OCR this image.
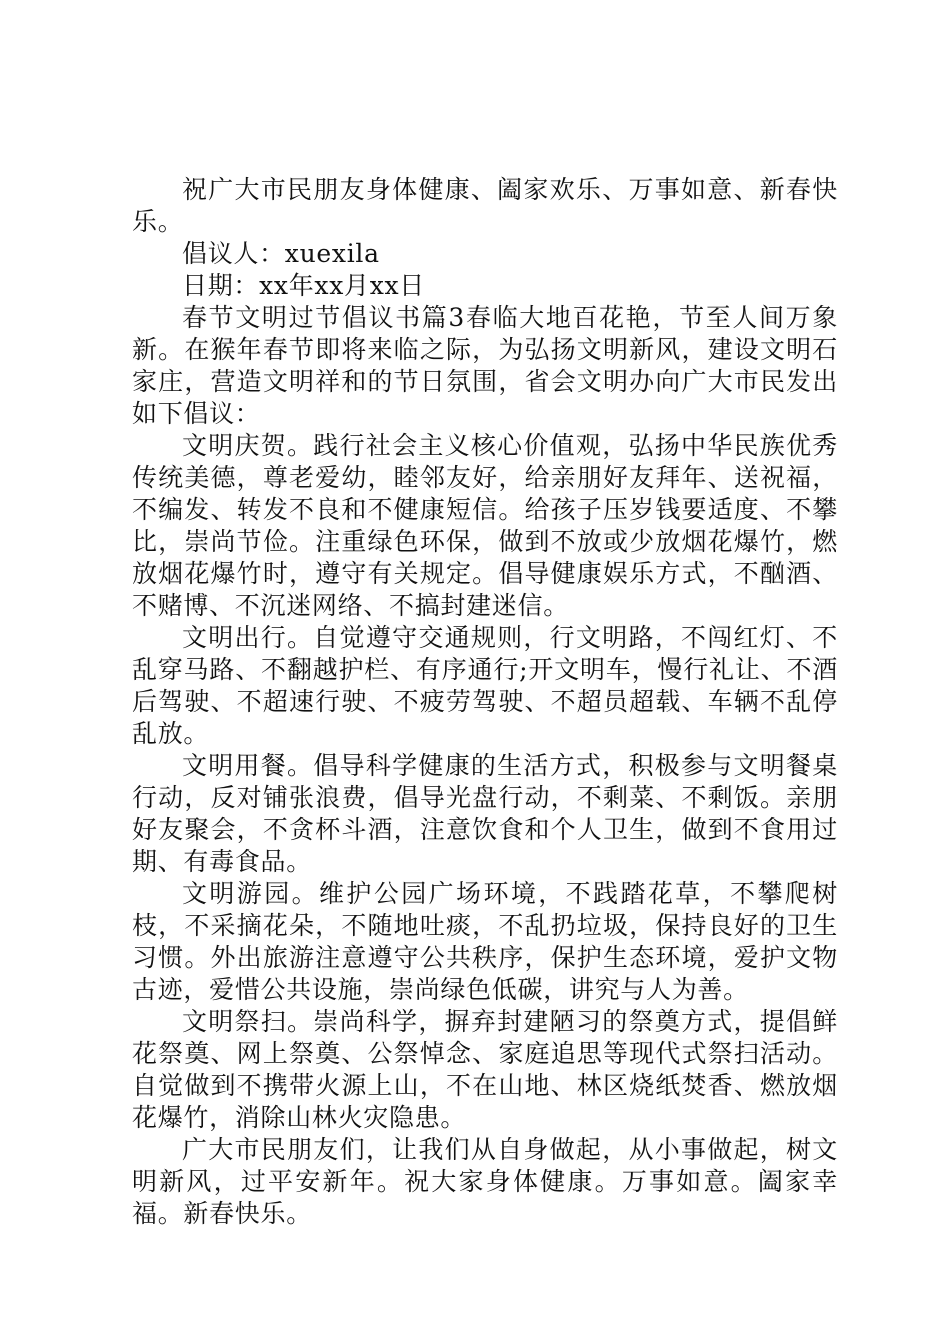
祝广大市民朋友身体健康、阖家欢乐、万事如意、新春快乐。

倡议人：xuexila

日期：xx年xx月xx日

春节文明过节倡议书篇3春临大地百花艳，节至人间万象新。在猴年春节即将来临之际，为弘扬文明新风，建设文明石家庄，营造文明祥和的节日氛围，省会文明办向广大市民发出如下倡议：

文明庆贺。践行社会主义核心价值观，弘扬中华民族优秀传统美德，尊老爱幼，睦邻友好，给亲朋好友拜年、送祝福，不编发、转发不良和不健康短信。给孩子压岁钱要适度、不攀比，崇尚节俭。注重绿色环保，做到不放或少放烟花爆竹，燃放烟花爆竹时，遵守有关规定。倡导健康娱乐方式，不酗酒、不赌博、不沉迷网络、不搞封建迷信。

文明出行。自觉遵守交通规则，行文明路，不闯红灯、不乱穿马路、不翻越护栏、有序通行;开文明车，慢行礼让、不酒后驾驶、不超速行驶、不疲劳驾驶、不超员超载、车辆不乱停乱放。

文明用餐。倡导科学健康的生活方式，积极参与文明餐桌行动，反对铺张浪费，倡导光盘行动，不剩菜、不剩饭。亲朋好友聚会，不贪杯斗酒，注意饮食和个人卫生，做到不食用过期、有毒食品。

文明游园。维护公园广场环境，不践踏花草，不攀爬树枝，不采摘花朵，不随地吐痰，不乱扔垃圾，保持良好的卫生习惯。外出旅游注意遵守公共秩序，保护生态环境，爱护文物古迹，爱惜公共设施，崇尚绿色低碳，讲究与人为善。

文明祭扫。崇尚科学，摒弃封建陋习的祭奠方式，提倡鲜花祭奠、网上祭奠、公祭悼念、家庭追思等现代式祭扫活动。自觉做到不携带火源上山，不在山地、林区烧纸焚香、燃放烟花爆竹，消除山林火灾隐患。

广大市民朋友们，让我们从自身做起，从小事做起，树文明新风，过平安新年。祝大家身体健康。万事如意。阖家幸福。新春快乐。
